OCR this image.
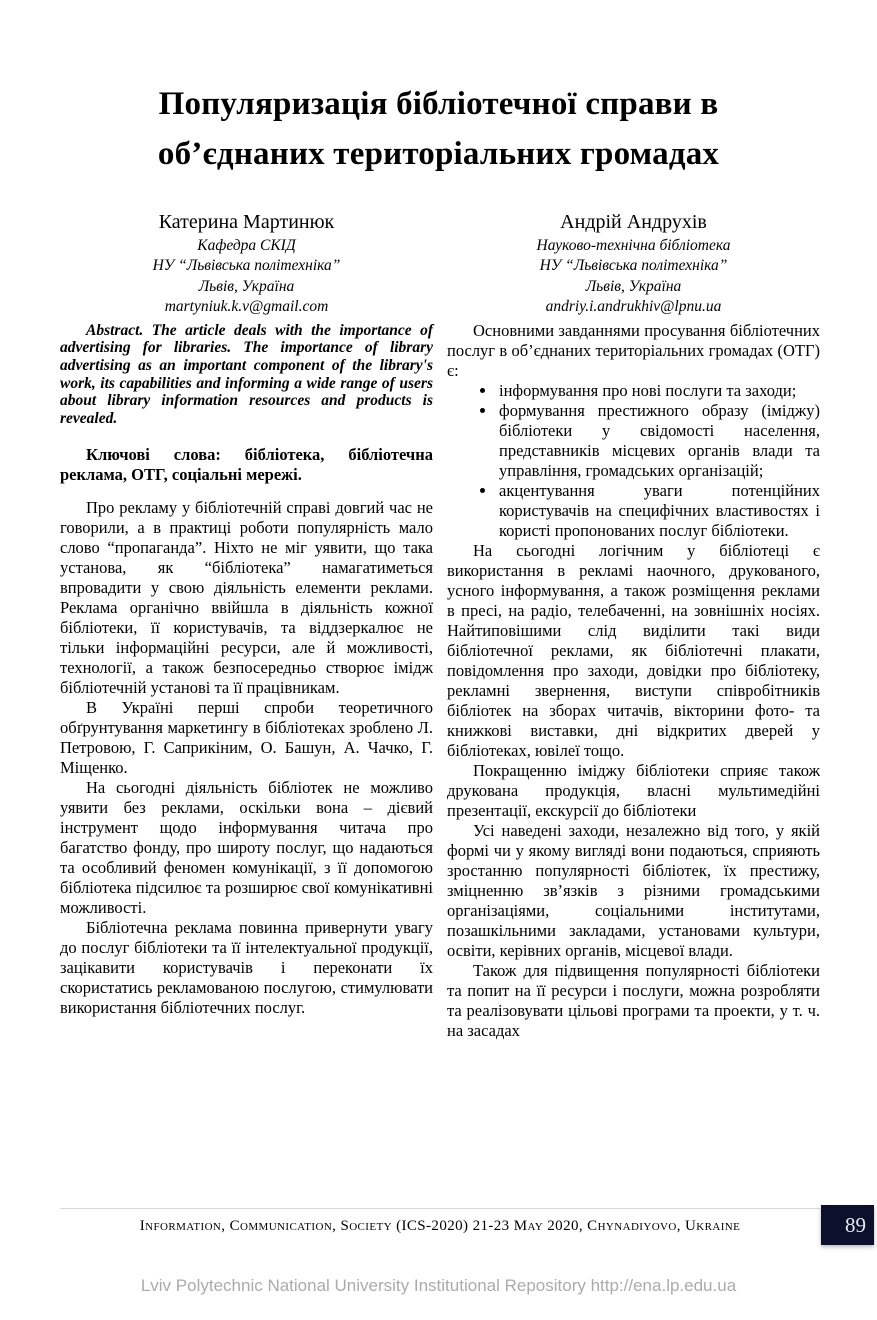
Популяризація бібліотечної справи в об’єднаних територіальних громадах
Катерина Мартинюк
Кафедра СКІД
НУ “Львівська політехніка”
Львів, Україна
martyniuk.k.v@gmail.com

Abstract. The article deals with the importance of advertising for libraries. The importance of library advertising as an important component of the library's work, its capabilities and informing a wide range of users about library information resources and products is revealed.

Ключові слова: бібліотека, бібліотечна реклама, ОТГ, соціальні мережі.

Про рекламу у бібліотечній справі довгий час не говорили, а в практиці роботи популярність мало слово “пропаганда”. Ніхто не міг уявити, що така установа, як “бібліотека” намагатиметься впровадити у свою діяльність елементи реклами. Реклама органічно ввійшла в діяльність кожної бібліотеки, її користувачів, та віддзеркалює не тільки інформаційні ресурси, але й можливості, технології, а також безпосередньо створює імідж бібліотечній установі та її працівникам.

В Україні перші спроби теоретичного обґрунтування маркетингу в бібліотеках зроблено Л. Петровою, Г. Саприкіним, О. Башун, А. Чачко, Г. Міщенко.

На сьогодні діяльність бібліотек не можливо уявити без реклами, оскільки вона – дієвий інструмент щодо інформування читача про багатство фонду, про широту послуг, що надаються та особливий феномен комунікації, з її допомогою бібліотека підсилює та розширює свої комунікативні можливості.

Бібліотечна реклама повинна привернути увагу до послуг бібліотеки та її інтелектуальної продукції, зацікавити користувачів і переконати їх скористатись рекламованою послугою, стимулювати використання бібліотечних послуг.

Андрій Андрухів
Науково-технічна бібліотека
НУ “Львівська політехніка”
Львів, Україна
andriy.i.andrukhiv@lpnu.ua

Основними завданнями просування бібліотечних послуг в об’єднаних територіальних громадах (ОТГ) є:

• інформування про нові послуги та заходи;
• формування престижного образу (іміджу) бібліотеки у свідомості населення, представників місцевих органів влади та управління, громадських організацій;
• акцентування уваги потенційних користувачів на специфічних властивостях і користі пропонованих послуг бібліотеки.

На сьогодні логічним у бібліотеці є використання в рекламі наочного, друкованого, усного інформування, а також розміщення реклами в пресі, на радіо, телебаченні, на зовнішніх носіях. Найтиповішими слід виділити такі види бібліотечної реклами, як бібліотечні плакати, повідомлення про заходи, довідки про бібліотеку, рекламні звернення, виступи співробітників бібліотек на зборах читачів, вікторини фото- та книжкові виставки, дні відкритих дверей у бібліотеках, ювілеї тощо.

Покращенню іміджу бібліотеки сприяє також друкована продукція, власні мультимедійні презентації, екскурсії до бібліотеки

Усі наведені заходи, незалежно від того, у якій формі чи у якому вигляді вони подаються, сприяють зростанню популярності бібліотек, їх престижу, зміцненню зв’язків з різними громадськими організаціями, соціальними інститутами, позашкільними закладами, установами культури, освіти, керівних органів, місцевої влади.

Також для підвищення популярності бібліотеки та попит на її ресурси і послуги, можна розробляти та реалізовувати цільові програми та проекти, у т. ч. на засадах

Information, Communication, Society (ICS-2020) 21-23 May 2020, Chynadiyovo, Ukraine	89
Lviv Polytechnic National University Institutional Repository http://ena.lp.edu.ua
